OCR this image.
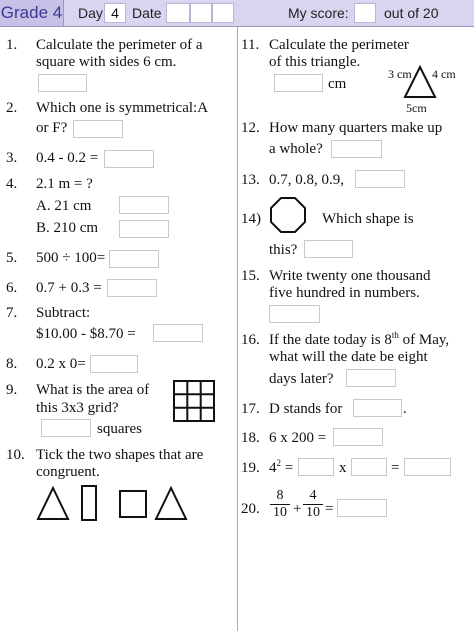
Grade 4 Day 4 Date	My score:	out of 20
1. Calculate the perimeter of a
square with sides 6 cm.
2. Which one is symmetrical:A
or F?
3. 0.4 - 0.2 =
4. 2.1 m = ?
A. 21 cm
B. 210 cm
5. 500 ÷ 100=
6. 0.7 + 0.3 =
7. Subtract:
$10.00 - $8.70 =
8. 0.2 x 0=
9. What is the area of
this 3x3 grid?
squares
10. Tick the two shapes that are
congruent.
11. Calculate the perimeter
of this triangle.
cm
3 cm 4 cm
5cm
12. How many quarters make up
a whole?
13. 0.7, 0.8, 0.9,
14)	Which shape is
this?
15. Write twenty one thousand
five hundred in numbers.
16. If the date today is 8th of May,
what will the date be eight
days later?
17. D stands for	.
18. 6 x 200 =
19. $4^2$ =	x	=
20.
8
10 +
4
10 =
